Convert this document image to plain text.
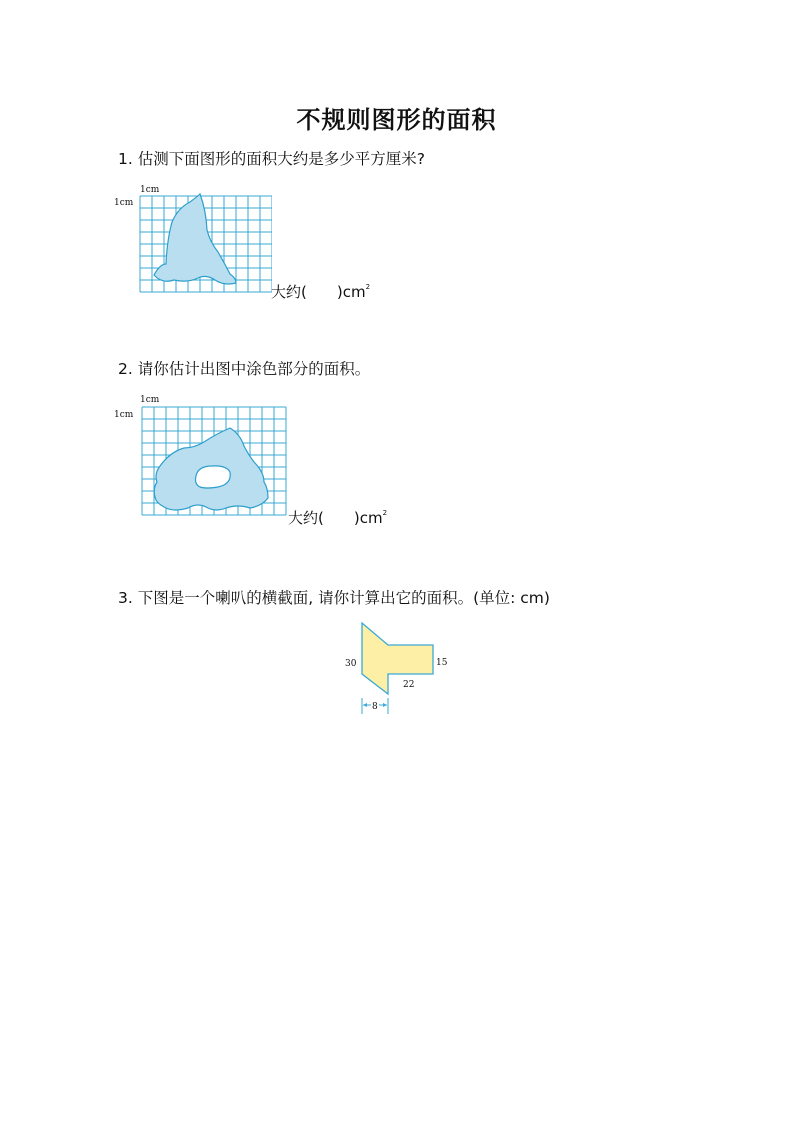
不规则图形的面积
1. 估测下面图形的面积大约是多少平方厘米?
1cm
1cm
大约( )$cm^2$
2. 请你估计出图中涂色部分的面积。
1cm
1cm
大约( )$cm^2$
3. 下图是一个喇叭的横截面, 请你计算出它的面积。(单位: cm)
30	15
22
8
